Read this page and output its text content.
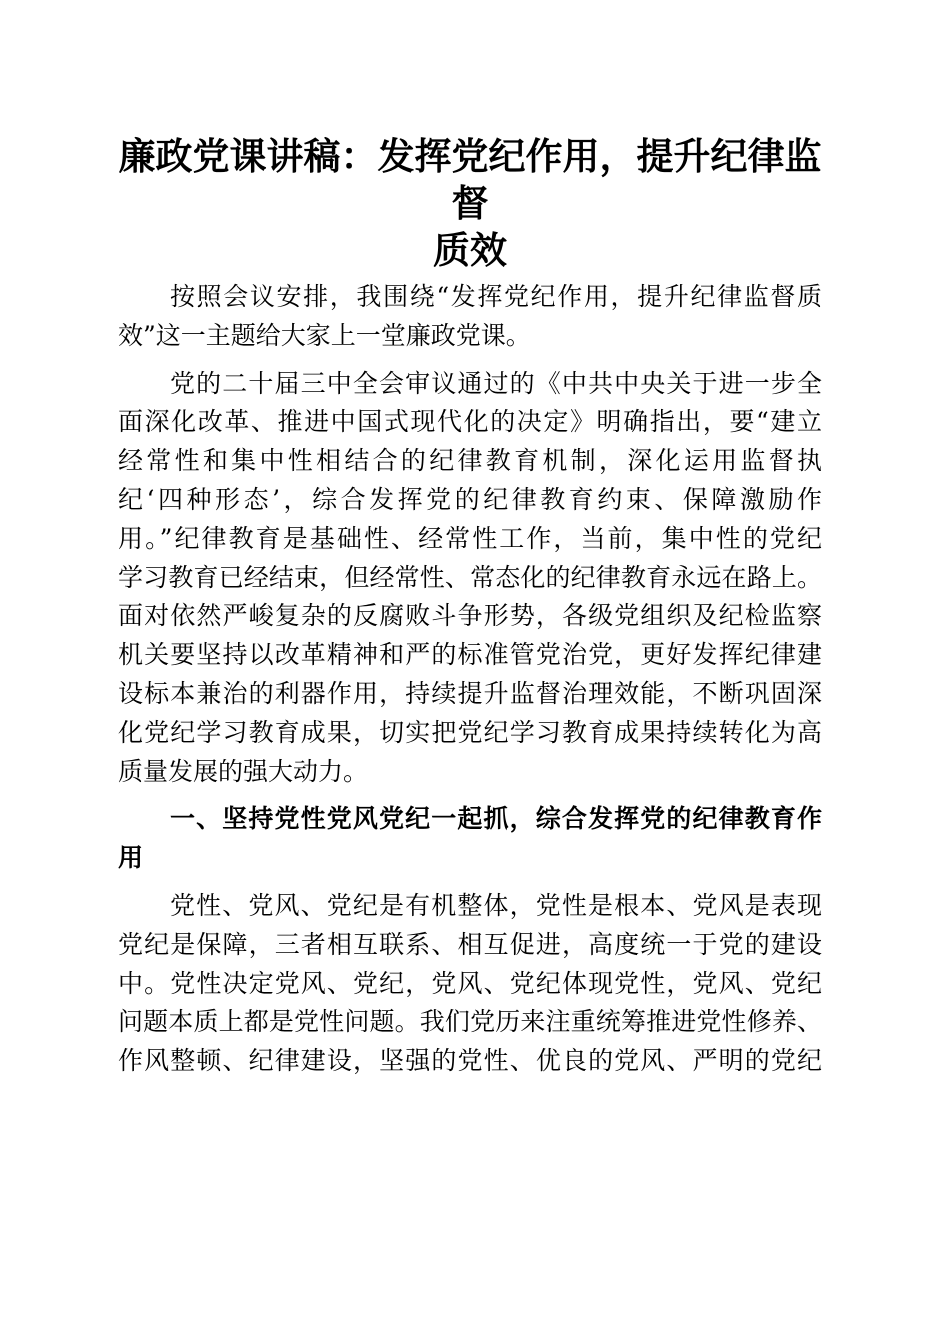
廉政党课讲稿：发挥党纪作用，提升纪律监督
质效
按照会议安排，我围绕“发挥党纪作用，提升纪律监督质
效”这一主题给大家上一堂廉政党课。
党的二十届三中全会审议通过的《中共中央关于进一步全
面深化改革、推进中国式现代化的决定》明确指出，要“建立
经常性和集中性相结合的纪律教育机制，深化运用监督执
纪‘四种形态’，综合发挥党的纪律教育约束、保障激励作
用。”纪律教育是基础性、经常性工作，当前，集中性的党纪
学习教育已经结束，但经常性、常态化的纪律教育永远在路上。
面对依然严峻复杂的反腐败斗争形势，各级党组织及纪检监察
机关要坚持以改革精神和严的标准管党治党，更好发挥纪律建
设标本兼治的利器作用，持续提升监督治理效能，不断巩固深
化党纪学习教育成果，切实把党纪学习教育成果持续转化为高
质量发展的强大动力。
一、坚持党性党风党纪一起抓，综合发挥党的纪律教育作
用
党性、党风、党纪是有机整体，党性是根本、党风是表现
党纪是保障，三者相互联系、相互促进，高度统一于党的建设
中。党性决定党风、党纪，党风、党纪体现党性，党风、党纪
问题本质上都是党性问题。我们党历来注重统筹推进党性修养、
作风整顿、纪律建设，坚强的党性、优良的党风、严明的党纪
